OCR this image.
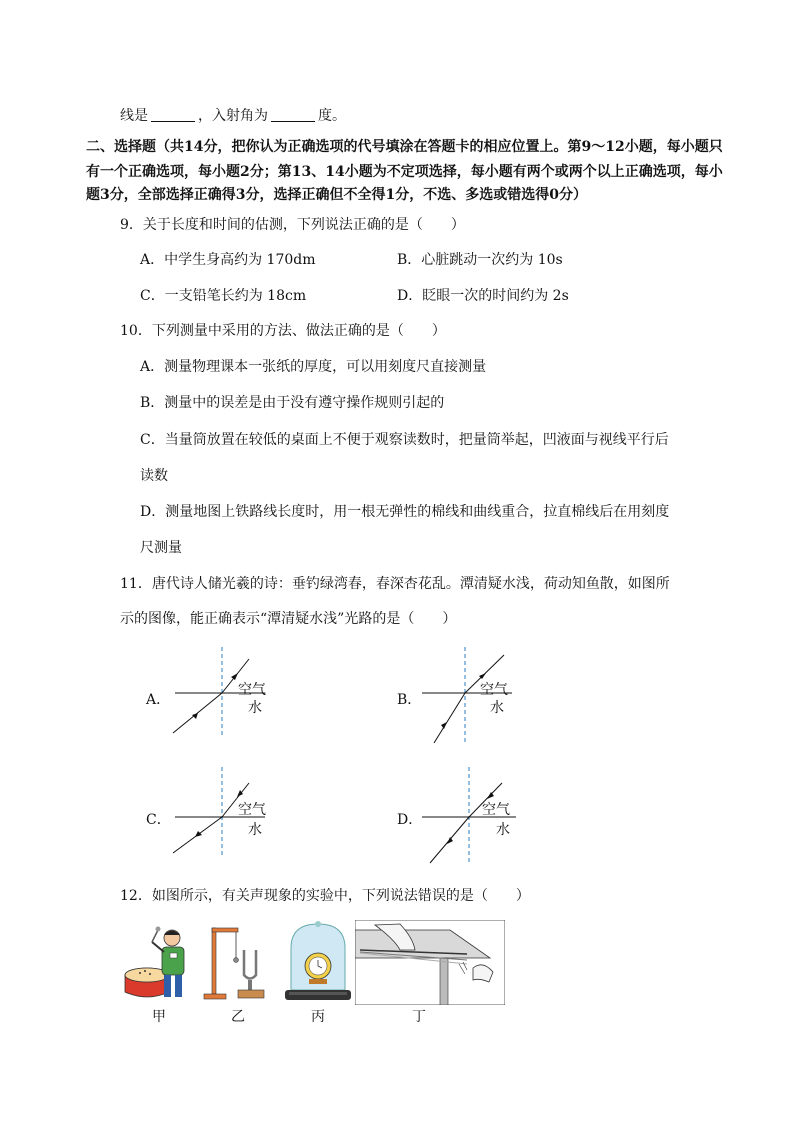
线是	，入射角为	度。
二、选择题（共14分，把你认为正确选项的代号填涂在答题卡的相应位置上。第9～12小题，每小题只
有一个正确选项，每小题2分；第13、14小题为不定项选择，每小题有两个或两个以上正确选项，每小
题3分，全部选择正确得3分，选择正确但不全得1分，不选、多选或错选得0分）
9．关于长度和时间的估测，下列说法正确的是（　　）
A．中学生身高约为 170dm	B．心脏跳动一次约为 10s
C．一支铅笔长约为 18cm	D．眨眼一次的时间约为 2s
10．下列测量中采用的方法、做法正确的是（　　）
A．测量物理课本一张纸的厚度，可以用刻度尺直接测量
B．测量中的误差是由于没有遵守操作规则引起的
C．当量筒放置在较低的桌面上不便于观察读数时，把量筒举起，凹液面与视线平行后
读数
D．测量地图上铁路线长度时，用一根无弹性的棉线和曲线重合，拉直棉线后在用刻度
尺测量
11．唐代诗人储光羲的诗：垂钓绿湾春，春深杏花乱。潭清疑水浅，荷动知鱼散，如图所
示的图像，能正确表示“潭清疑水浅”光路的是（　　）
A．
空气
水	B．
空气
水
C．
空气
水
D．
空气
水
12．如图所示，有关声现象的实验中，下列说法错误的是（　　）
甲	乙	丙	丁
